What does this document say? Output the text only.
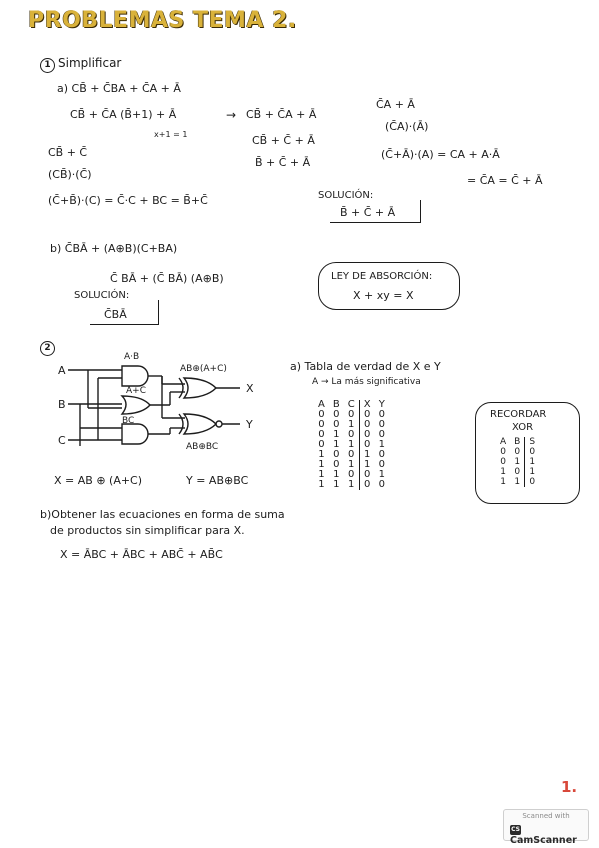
PROBLEMAS TEMA 2.
1 Simplificar
a) CB̄ + C̄BA + C̄A + Ā
CB̄ + C̄A (B̄+1) + Ā
x+1 = 1
→ CB̄ + C̄A + Ā
CB̄ + C̄ + Ā
B̄ + C̄ + Ā
C̄A + Ā
(C̄A)·(Ā)
(C̄+Ā)·(A) = CA + A·Ā
= C̄A = C̄ + Ā
CB̄ + C̄
(CB̄)·(C̄)
(C̄+B̄)·(C) = C̄·C + BC = B̄+C̄	SOLUCIÓN:
B̄ + C̄ + Ā
b) C̄BĀ + (A⊕B)(C+BA)
C̄ BĀ + (C̄ BĀ) (A⊕B)
SOLUCIÓN:
C̄BĀ
LEY DE ABSORCIÓN:
X + xy = X
2
A
B
C
A·B
A+C
BC
AB⊕(A+C)
AB⊕BC
X
Y
X = AB ⊕ (A+C)	Y = AB⊕BC
a) Tabla de verdad de X e Y
A → La más significativa
A	B	C	X	Y
0	0	0	0	0
0	0	1	0	0
0	1	0	0	0
0	1	1	0	1
1	0	0	1	0
1	0	1	1	0
1	1	0	0	1
1	1	1	0	0
RECORDAR
XOR
A	B	S
0	0	0
0	1	1
1	0	1
1	1	0
b)Obtener las ecuaciones en forma de suma
de productos sin simplificar para X.
X = ĀBC + ĀBC + ABC̄ + AB̄C
1.
Scanned with
CSCamScanner
